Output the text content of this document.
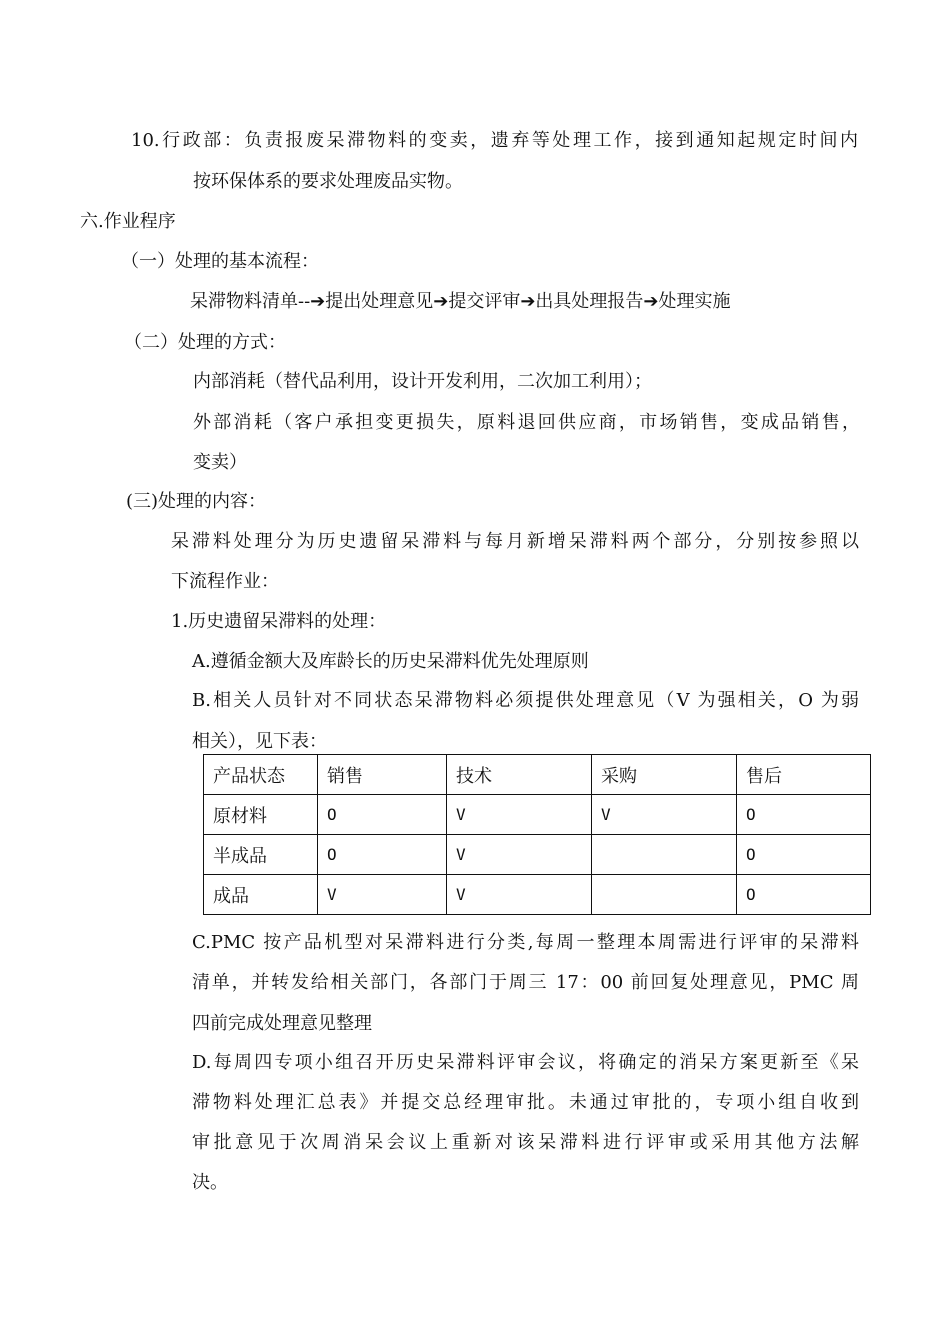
10.行政部：负责报废呆滞物料的变卖，遗弃等处理工作，接到通知起规定时间内
按环保体系的要求处理废品实物。
六.作业程序
（一）处理的基本流程：
呆滞物料清单--➔提出处理意见➔提交评审➔出具处理报告➔处理实施
（二）处理的方式：
内部消耗（替代品利用，设计开发利用，二次加工利用）；
外部消耗（客户承担变更损失，原料退回供应商，市场销售，变成品销售，
变卖）
(三)处理的内容：
呆滞料处理分为历史遗留呆滞料与每月新增呆滞料两个部分，分别按参照以
下流程作业：
1.历史遗留呆滞料的处理：
A.遵循金额大及库龄长的历史呆滞料优先处理原则
B.相关人员针对不同状态呆滞物料必须提供处理意见（V 为强相关，O 为弱
相关），见下表：
产品状态	销售	技术	采购	售后
原材料	O	V	V	O
半成品	O	V		O
成品	V	V		O
C.PMC 按产品机型对呆滞料进行分类,每周一整理本周需进行评审的呆滞料
清单，并转发给相关部门，各部门于周三 17：00 前回复处理意见，PMC 周
四前完成处理意见整理
D.每周四专项小组召开历史呆滞料评审会议，将确定的消呆方案更新至《呆
滞物料处理汇总表》并提交总经理审批。未通过审批的，专项小组自收到
审批意见于次周消呆会议上重新对该呆滞料进行评审或采用其他方法解
决。
